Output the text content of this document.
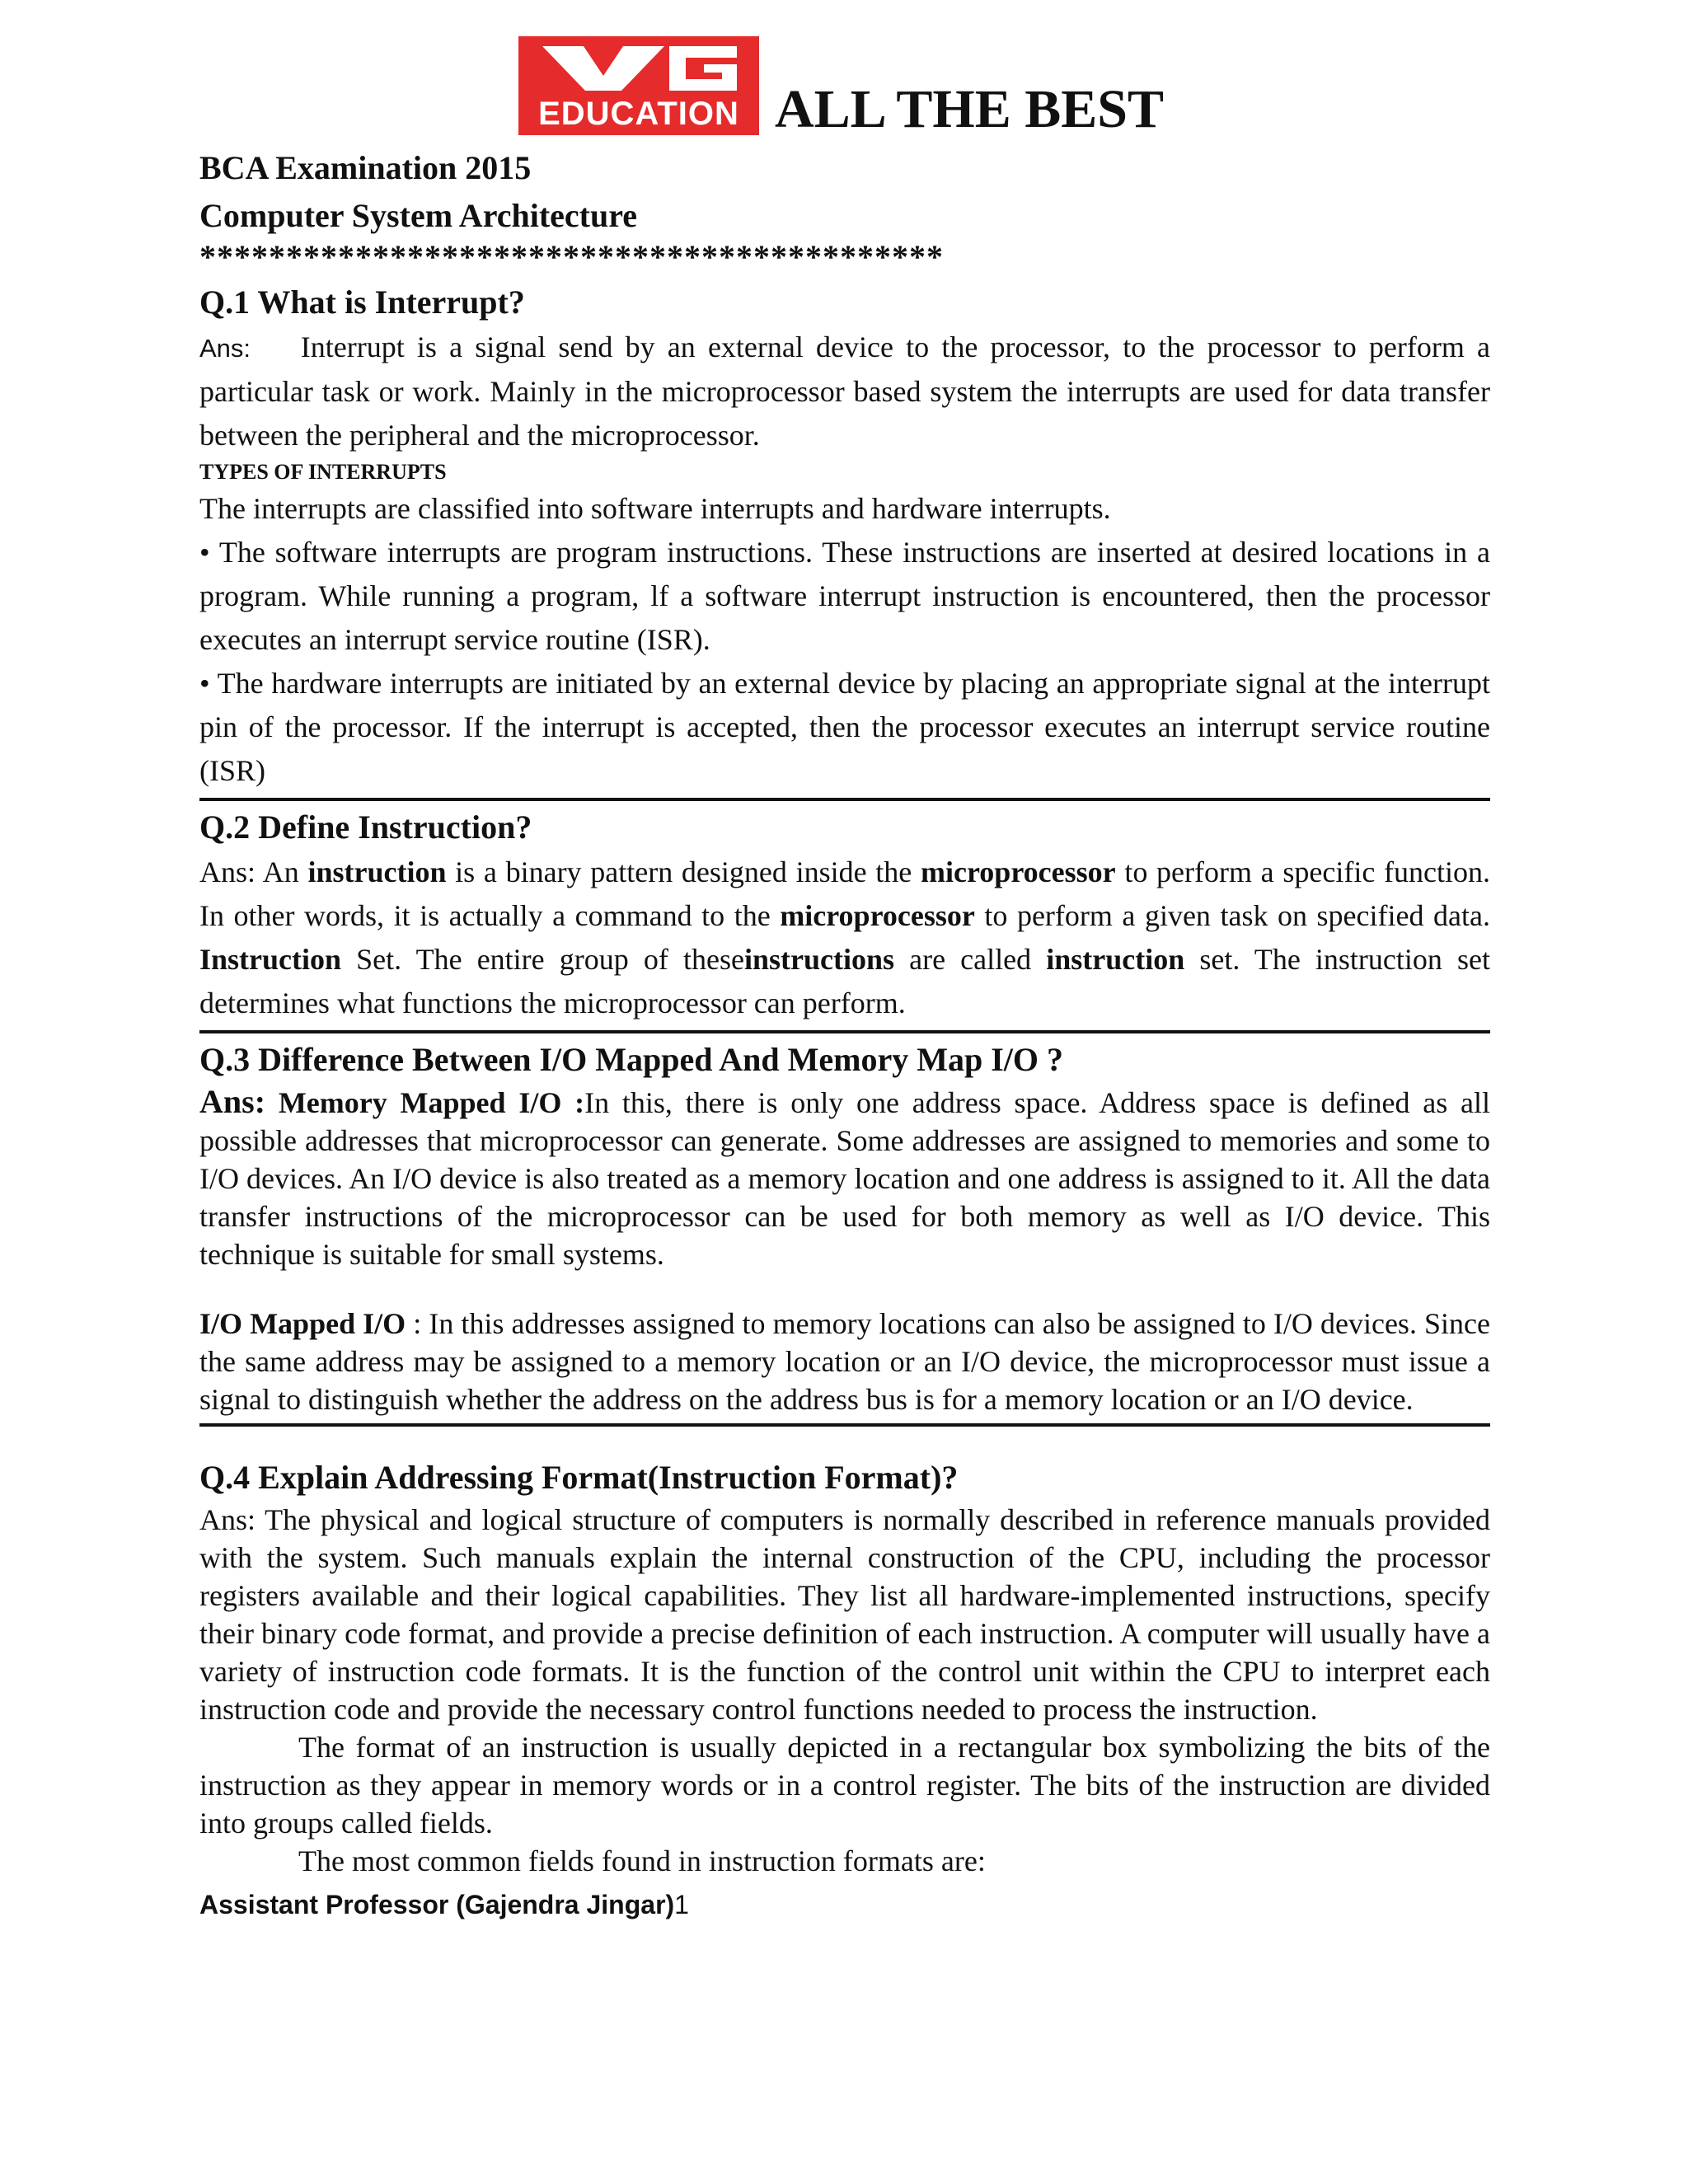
EDUCATION ALL THE BEST
BCA Examination 2015
Computer System Architecture
*******************************************
Q.1 What is Interrupt?

Ans: Interrupt is a signal send by an external device to the processor, to the processor to perform a particular task or work. Mainly in the microprocessor based system the interrupts are used for data transfer between the peripheral and the microprocessor.

TYPES OF INTERRUPTS

The interrupts are classified into software interrupts and hardware interrupts.

• The software interrupts are program instructions. These instructions are inserted at desired locations in a program. While running a program, lf a software interrupt instruction is encountered, then the processor executes an interrupt service routine (ISR).

• The hardware interrupts are initiated by an external device by placing an appropriate signal at the interrupt pin of the processor. If the interrupt is accepted, then the processor executes an interrupt service routine (ISR)

Q.2 Define Instruction?

Ans: An instruction is a binary pattern designed inside the microprocessor to perform a specific function. In other words, it is actually a command to the microprocessor to perform a given task on specified data. Instruction Set. The entire group of theseinstructions are called instruction set. The instruction set determines what functions the microprocessor can perform.

Q.3 Difference Between I/O Mapped And Memory Map I/O ?

Ans: Memory Mapped I/O :In this, there is only one address space. Address space is defined as all possible addresses that microprocessor can generate. Some addresses are assigned to memories and some to I/O devices. An I/O device is also treated as a memory location and one address is assigned to it. All the data transfer instructions of the microprocessor can be used for both memory as well as I/O device. This technique is suitable for small systems.

I/O Mapped I/O : In this addresses assigned to memory locations can also be assigned to I/O devices. Since the same address may be assigned to a memory location or an I/O device, the microprocessor must issue a signal to distinguish whether the address on the address bus is for a memory location or an I/O device.

Q.4 Explain Addressing Format(Instruction Format)?

Ans: The physical and logical structure of computers is normally described in reference manuals provided with the system. Such manuals explain the internal construction of the CPU, including the processor registers available and their logical capabilities. They list all hardware-implemented instructions, specify their binary code format, and provide a precise definition of each instruction. A computer will usually have a variety of instruction code formats. It is the function of the control unit within the CPU to interpret each instruction code and provide the necessary control functions needed to process the instruction.

The format of an instruction is usually depicted in a rectangular box symbolizing the bits of the instruction as they appear in memory words or in a control register. The bits of the instruction are divided into groups called fields.

The most common fields found in instruction formats are:

Assistant Professor (Gajendra Jingar)1
